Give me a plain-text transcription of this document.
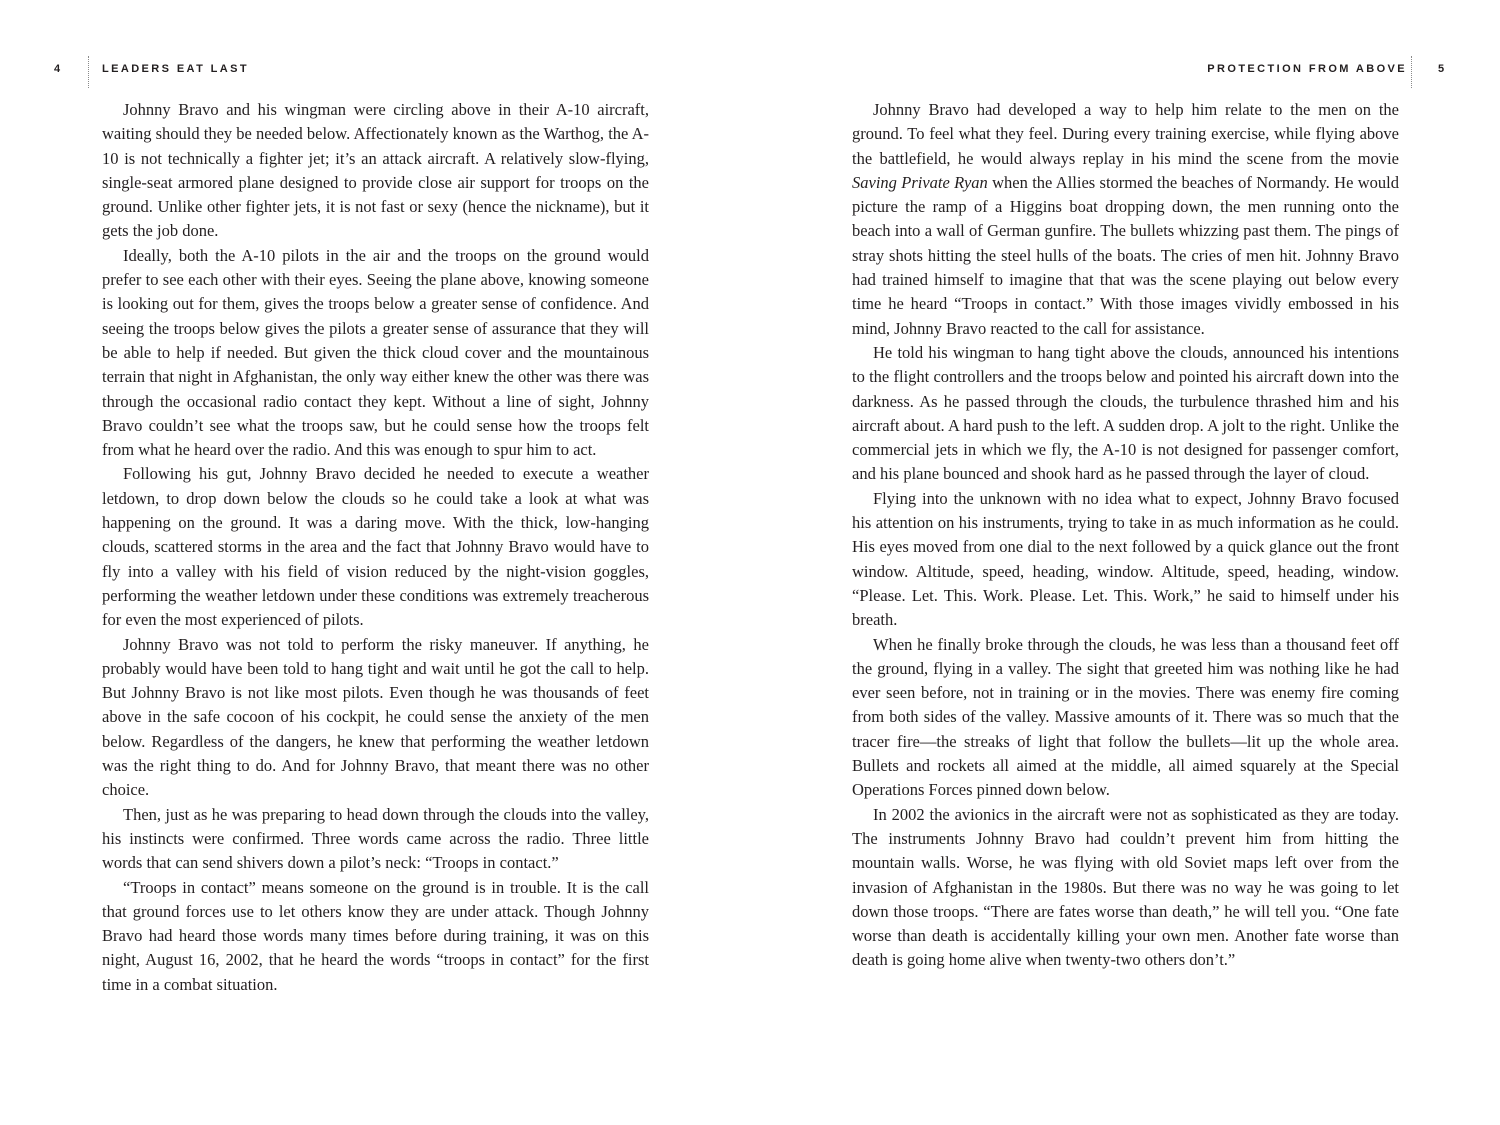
4	LEADERS EAT LAST

Johnny Bravo and his wingman were circling above in their A-10 aircraft, waiting should they be needed below. Affectionately known as the Warthog, the A-10 is not technically a fighter jet; it’s an attack aircraft. A relatively slow-flying, single-seat armored plane designed to provide close air support for troops on the ground. Unlike other fighter jets, it is not fast or sexy (hence the nickname), but it gets the job done.

Ideally, both the A-10 pilots in the air and the troops on the ground would prefer to see each other with their eyes. Seeing the plane above, knowing someone is looking out for them, gives the troops below a greater sense of confidence. And seeing the troops below gives the pilots a greater sense of assurance that they will be able to help if needed. But given the thick cloud cover and the mountainous terrain that night in Afghanistan, the only way either knew the other was there was through the occasional radio contact they kept. Without a line of sight, Johnny Bravo couldn’t see what the troops saw, but he could sense how the troops felt from what he heard over the radio. And this was enough to spur him to act.

Following his gut, Johnny Bravo decided he needed to execute a weather letdown, to drop down below the clouds so he could take a look at what was happening on the ground. It was a daring move. With the thick, low-hanging clouds, scattered storms in the area and the fact that Johnny Bravo would have to fly into a valley with his field of vision reduced by the night-vision goggles, performing the weather letdown under these conditions was extremely treacherous for even the most experienced of pilots.

Johnny Bravo was not told to perform the risky maneuver. If anything, he probably would have been told to hang tight and wait until he got the call to help. But Johnny Bravo is not like most pilots. Even though he was thousands of feet above in the safe cocoon of his cockpit, he could sense the anxiety of the men below. Regardless of the dangers, he knew that performing the weather letdown was the right thing to do. And for Johnny Bravo, that meant there was no other choice.

Then, just as he was preparing to head down through the clouds into the valley, his instincts were confirmed. Three words came across the radio. Three little words that can send shivers down a pilot’s neck: “Troops in contact.”

“Troops in contact” means someone on the ground is in trouble. It is the call that ground forces use to let others know they are under attack. Though Johnny Bravo had heard those words many times before during training, it was on this night, August 16, 2002, that he heard the words “troops in contact” for the first time in a combat situation.

PROTECTION FROM ABOVE	5

Johnny Bravo had developed a way to help him relate to the men on the ground. To feel what they feel. During every training exercise, while flying above the battlefield, he would always replay in his mind the scene from the movie Saving Private Ryan when the Allies stormed the beaches of Normandy. He would picture the ramp of a Higgins boat dropping down, the men running onto the beach into a wall of German gunfire. The bullets whizzing past them. The pings of stray shots hitting the steel hulls of the boats. The cries of men hit. Johnny Bravo had trained himself to imagine that that was the scene playing out below every time he heard “Troops in contact.” With those images vividly embossed in his mind, Johnny Bravo reacted to the call for assistance.

He told his wingman to hang tight above the clouds, announced his intentions to the flight controllers and the troops below and pointed his aircraft down into the darkness. As he passed through the clouds, the turbulence thrashed him and his aircraft about. A hard push to the left. A sudden drop. A jolt to the right. Unlike the commercial jets in which we fly, the A-10 is not designed for passenger comfort, and his plane bounced and shook hard as he passed through the layer of cloud.

Flying into the unknown with no idea what to expect, Johnny Bravo focused his attention on his instruments, trying to take in as much information as he could. His eyes moved from one dial to the next followed by a quick glance out the front window. Altitude, speed, heading, window. Altitude, speed, heading, window. “Please. Let. This. Work. Please. Let. This. Work,” he said to himself under his breath.

When he finally broke through the clouds, he was less than a thousand feet off the ground, flying in a valley. The sight that greeted him was nothing like he had ever seen before, not in training or in the movies. There was enemy fire coming from both sides of the valley. Massive amounts of it. There was so much that the tracer fire—the streaks of light that follow the bullets—lit up the whole area. Bullets and rockets all aimed at the middle, all aimed squarely at the Special Operations Forces pinned down below.

In 2002 the avionics in the aircraft were not as sophisticated as they are today. The instruments Johnny Bravo had couldn’t prevent him from hitting the mountain walls. Worse, he was flying with old Soviet maps left over from the invasion of Afghanistan in the 1980s. But there was no way he was going to let down those troops. “There are fates worse than death,” he will tell you. “One fate worse than death is accidentally killing your own men. Another fate worse than death is going home alive when twenty-two others don’t.”
